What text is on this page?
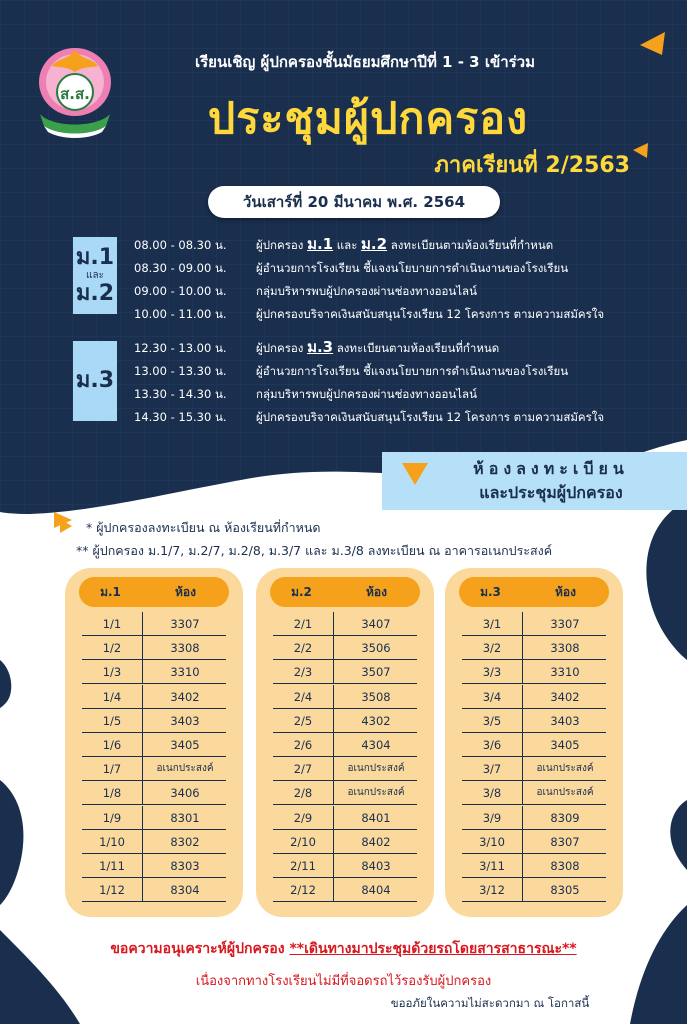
ส.ส.
เรียนเชิญ ผู้ปกครองชั้นมัธยมศึกษาปีที่ 1 - 3 เข้าร่วม
ประชุมผู้ปกครอง
ภาคเรียนที่ 2/2563
วันเสาร์ที่ 20 มีนาคม พ.ศ. 2564
ม.1
และ
ม.2
08.00 - 08.30 น.	ผู้ปกครอง ม.1 และ ม.2 ลงทะเบียนตามห้องเรียนที่กำหนด
08.30 - 09.00 น.	ผู้อำนวยการโรงเรียน ชี้แจงนโยบายการดำเนินงานของโรงเรียน
09.00 - 10.00 น.	กลุ่มบริหารพบผู้ปกครองผ่านช่องทางออนไลน์
10.00 - 11.00 น.	ผู้ปกครองบริจาคเงินสนับสนุนโรงเรียน 12 โครงการ ตามความสมัครใจ
ม.3
12.30 - 13.00 น.	ผู้ปกครอง ม.3 ลงทะเบียนตามห้องเรียนที่กำหนด
13.00 - 13.30 น.	ผู้อำนวยการโรงเรียน ชี้แจงนโยบายการดำเนินงานของโรงเรียน
13.30 - 14.30 น.	กลุ่มบริหารพบผู้ปกครองผ่านช่องทางออนไลน์
14.30 - 15.30 น.	ผู้ปกครองบริจาคเงินสนับสนุนโรงเรียน 12 โครงการ ตามความสมัครใจ
ห้องลงทะเบียน
และประชุมผู้ปกครอง
* ผู้ปกครองลงทะเบียน ณ ห้องเรียนที่กำหนด
** ผู้ปกครอง ม.1/7, ม.2/7, ม.2/8, ม.3/7 และ ม.3/8 ลงทะเบียน ณ อาคารอเนกประสงค์
ม.1	ห้อง
1/1	3307
1/2	3308
1/3	3310
1/4	3402
1/5	3403
1/6	3405
1/7	อเนกประสงค์
1/8	3406
1/9	8301
1/10	8302
1/11	8303
1/12	8304
ม.2	ห้อง
2/1	3407
2/2	3506
2/3	3507
2/4	3508
2/5	4302
2/6	4304
2/7	อเนกประสงค์
2/8	อเนกประสงค์
2/9	8401
2/10	8402
2/11	8403
2/12	8404
ม.3	ห้อง
3/1	3307
3/2	3308
3/3	3310
3/4	3402
3/5	3403
3/6	3405
3/7	อเนกประสงค์
3/8	อเนกประสงค์
3/9	8309
3/10	8307
3/11	8308
3/12	8305
ขอความอนุเคราะห์ผู้ปกครอง **เดินทางมาประชุมด้วยรถโดยสารสาธารณะ**
เนื่องจากทางโรงเรียนไม่มีที่จอดรถไว้รองรับผู้ปกครอง
ขออภัยในความไม่สะดวกมา ณ โอกาสนี้
